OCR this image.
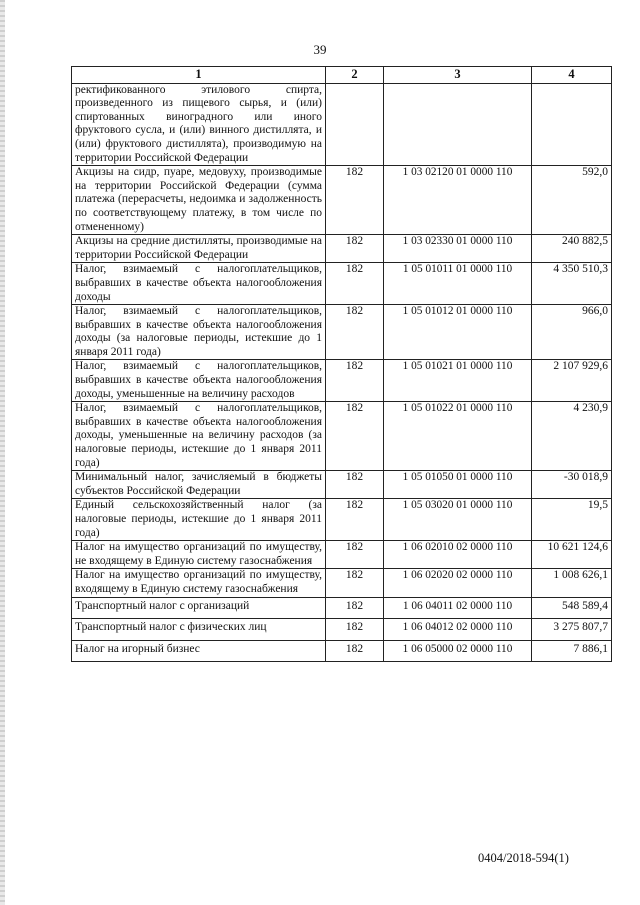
39
1	2	3	4
ректификованного этилового спирта, произведенного из пищевого сырья, и (или) спиртованных виноградного или иного фруктового сусла, и (или) винного дистиллята, и (или) фруктового дистиллята), производимую на территории Российской Федерации			
Акцизы на сидр, пуаре, медовуху, производимые на территории Российской Федерации (сумма платежа (перерасчеты, недоимка и задолженность по соответствующему платежу, в том числе по отмененному)	182	1 03 02120 01 0000 110	592,0
Акцизы на средние дистилляты, производимые на территории Российской Федерации	182	1 03 02330 01 0000 110	240 882,5
Налог, взимаемый с налогоплательщиков, выбравших в качестве объекта налогообложения доходы	182	1 05 01011 01 0000 110	4 350 510,3
Налог, взимаемый с налогоплательщиков, выбравших в качестве объекта налогообложения доходы (за налоговые периоды, истекшие до 1 января 2011 года)	182	1 05 01012 01 0000 110	966,0
Налог, взимаемый с налогоплательщиков, выбравших в качестве объекта налогообложения доходы, уменьшенные на величину расходов	182	1 05 01021 01 0000 110	2 107 929,6
Налог, взимаемый с налогоплательщиков, выбравших в качестве объекта налогообложения доходы, уменьшенные на величину расходов (за налоговые периоды, истекшие до 1 января 2011 года)	182	1 05 01022 01 0000 110	4 230,9
Минимальный налог, зачисляемый в бюджеты субъектов Российской Федерации	182	1 05 01050 01 0000 110	-30 018,9
Единый сельскохозяйственный налог (за налоговые периоды, истекшие до 1 января 2011 года)	182	1 05 03020 01 0000 110	19,5
Налог на имущество организаций по имуществу, не входящему в Единую систему газоснабжения	182	1 06 02010 02 0000 110	10 621 124,6
Налог на имущество организаций по имуществу, входящему в Единую систему газоснабжения	182	1 06 02020 02 0000 110	1 008 626,1
Транспортный налог с организаций	182	1 06 04011 02 0000 110	548 589,4
Транспортный налог с физических лиц	182	1 06 04012 02 0000 110	3 275 807,7
Налог на игорный бизнес	182	1 06 05000 02 0000 110	7 886,1
0404/2018-594(1)
